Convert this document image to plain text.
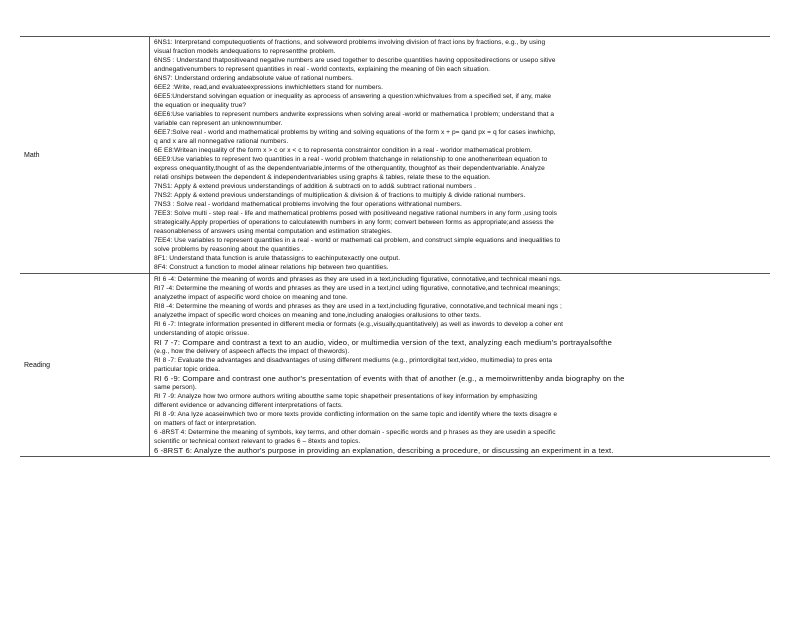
Math
6NS1: Interpretand computequotients of fractions, and solveword problems involving division of fract ions by fractions, e.g., by using
visual fraction models andequations to representthe problem.
6NS5 : Understand thatpositiveand negative numbers are used together to describe quantities having oppositedirections or usepo sitive
andnegativenumbers to represent quantities in real - world contexts, explaining the meaning of 0in each situation.
6NS7: Understand ordering andabsolute value of rational numbers.
6EE2 :Write, read,and evaluateexpressions inwhichletters stand for numbers.
6EE5:Understand solvingan equation or inequality as aprocess of answering a question:whichvalues from a specified set, if any, make
the equation or inequality true?
6EE6:Use variables to represent numbers andwrite expressions when solving areal -world or mathematica l problem; understand that a
variable can represent an unknownnumber.
6EE7:Solve real - world and mathematical problems by writing and solving equations of the form x + p= qand px = q for cases inwhichp,
q and x are all nonnegative rational numbers.
6E E8:Writean inequality of the form x > c or x < c to representa constraintor condition in a real - worldor mathematical problem.
6EE9:Use variables to represent two quantities in a real - world problem thatchange in relationship to one anotherwritean equation to
express onequantity,thought of as the dependentvariable,interms of the otherquantity, thoughtof as their dependentvariable. Analyze
relati onships between the dependent & independentvariables using graphs & tables, relate these to the equation.
7NS1: Apply & extend previous understandings of addition & subtracti on to add& subtract rational numbers .
7NS2: Apply & extend previous understandings of multiplication & division & of fractions to multiply & divide rational numbers.
7NS3 : Solve real - worldand mathematical problems involving the four operations withrational numbers.
7EE3: Solve multi - step real - life and mathematical problems posed with positiveand negative rational numbers in any form ,using tools
strategically.Apply properties of operations to calculatewith numbers in any form; convert between forms as appropriate;and assess the
reasonableness of answers using mental computation and estimation strategies.
7EE4: Use variables to represent quantities in a real - world or mathemati cal problem, and construct simple equations and inequalities to
solve problems by reasoning about the quantities .
8F1: Understand thata function is arule thatassigns to eachinputexactly one output.
8F4: Construct a function to model alinear relations hip between two quantities.
Reading
RI 6 -4: Determine the meaning of words and phrases as they are used in a text,including figurative, connotative,and technical meani ngs.
RI7 -4: Determine the meaning of words and phrases as they are used in a text,incl uding figurative, connotative,and technical meanings;
analyzethe impact of aspecific word choice on meaning and tone.
RI8 -4: Determine the meaning of words and phrases as they are used in a text,including figurative, connotative,and technical meani ngs ;
analyzethe impact of specific word choices on meaning and tone,including analogies orallusions to other texts.
RI 6 -7: Integrate information presented in different media or formats (e.g.,visually,quantitatively) as well as inwords to develop a coher ent
understanding of atopic orissue.
RI 7 -7: Compare and contrast a text to an audio, video, or multimedia version of the text, analyzing each medium's portrayalsofthe
(e.g., how the delivery of aspeech affects the impact of thewords).
RI 8 -7: Evaluate the advantages and disadvantages of using different mediums (e.g., printordigital text,video, multimedia) to pres enta
particular topic oridea.
RI 6 -9: Compare and contrast one author's presentation of events with that of another (e.g., a memoirwrittenby anda biography on the
same person).
RI 7 -9: Analyze how two ormore authors writing aboutthe same topic shapetheir presentations of key information by emphasizing
different evidence or advancing different interpretations of facts.
RI 8 -9: Ana lyze acaseinwhich two or more texts provide conflicting information on the same topic and identify where the texts disagre e
on matters of fact or interpretation.
6 -8RST 4: Determine the meaning of symbols, key terms, and other domain - specific words and p hrases as they are usedin a specific
scientific or technical context relevant to grades 6 – 8texts and topics.
6 -8RST 6: Analyze the author's purpose in providing an explanation, describing a procedure, or discussing an experiment in a text.
